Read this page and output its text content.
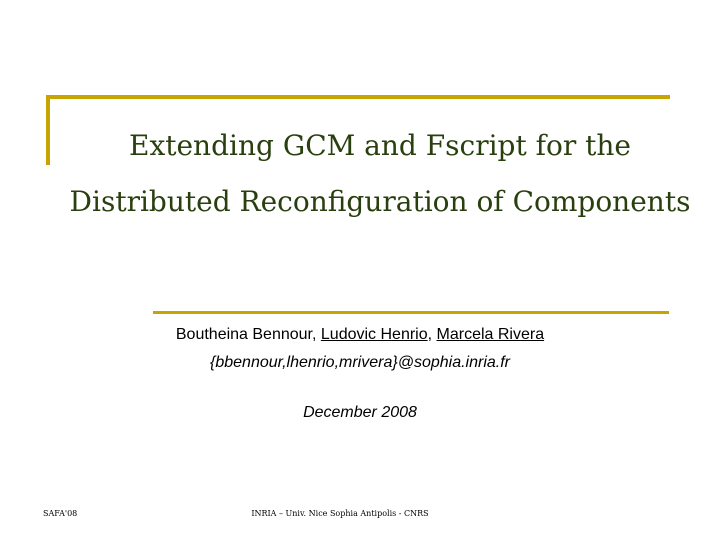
Extending GCM and Fscript for the
Distributed Reconfiguration of Components
Boutheina Bennour, Ludovic Henrio, Marcela Rivera
{bbennour,lhenrio,mrivera}@sophia.inria.fr
December 2008
SAFA'08	INRIA – Univ. Nice Sophia Antipolis - CNRS
